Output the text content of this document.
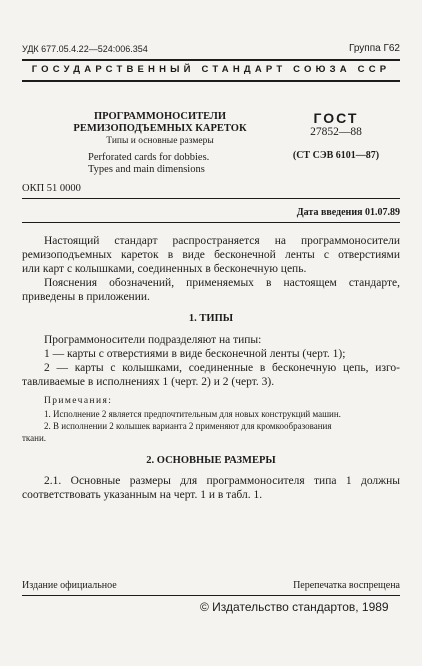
УДК 677.05.4.22—524:006.354	Группа Г62
ГОСУДАРСТВЕННЫЙ СТАНДАРТ СОЮЗА ССР
ПРОГРАММОНОСИТЕЛИ
РЕМИЗОПОДЪЕМНЫХ КАРЕТОК
Типы и основные размеры
Perforated cards for dobbies.
Types and main dimensions
ГОСТ
27852—88
(СТ СЭВ 6101—87)
ОКП 51 0000
Дата введения 01.07.89
Настоящий стандарт распространяется на программоносители
ремизоподъемных кареток в виде бесконечной ленты с отверстиями
или карт с колышками, соединенных в бесконечную цепь.
Пояснения обозначений, применяемых в настоящем стандарте,
приведены в приложении.
1. ТИПЫ
Программоносители подразделяют на типы:
1 — карты с отверстиями в виде бесконечной ленты (черт. 1);
2 — карты с колышками, соединенные в бесконечную цепь, изго-
тавливаемые в исполнениях 1 (черт. 2) и 2 (черт. 3).
Примечания:
1. Исполнение 2 является предпочтительным для новых конструкций машин.
2. В исполнении 2 колышек варианта 2 применяют для кромкообразования
ткани.
2. ОСНОВНЫЕ РАЗМЕРЫ
2.1. Основные размеры для программоносителя типа 1 должны
соответствовать указанным на черт. 1 и в табл. 1.
Издание официальное	Перепечатка воспрещена
© Издательство стандартов, 1989
